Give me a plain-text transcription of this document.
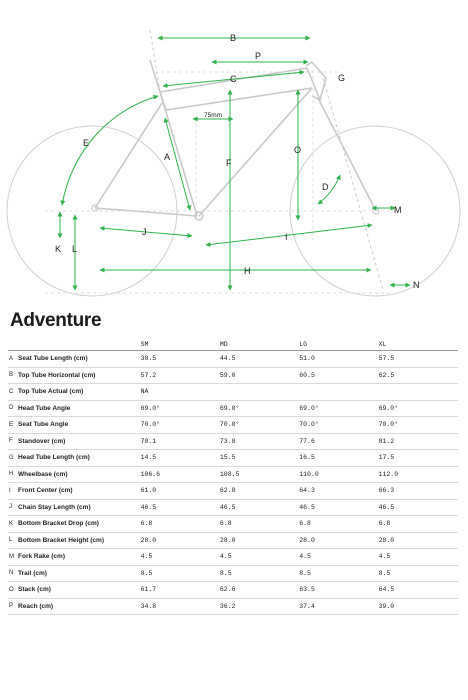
B
P
C	G
75mm
E
O
A
F
D
M
J	I
K L
H
N
Adventure
		SM	MD	LG	XL
A	Seat Tube Length (cm)	38.5	44.5	51.0	57.5
B	Top Tube Horizontal (cm)	57.2	59.0	60.5	62.5
C	Top Tube Actual (cm)	NA			
D	Head Tube Angle	69.0°	69.0°	69.0°	69.0°
E	Seat Tube Angle	70.0°	70.0°	70.0°	70.0°
F	Standover (cm)	70.1	73.8	77.6	81.2
G	Head Tube Length (cm)	14.5	15.5	16.5	17.5
H	Wheelbase (cm)	106.6	108.5	110.0	112.0
I	Front Center (cm)	61.0	62.8	64.3	66.3
J	Chain Stay Length (cm)	46.5	46.5	46.5	46.5
K	Bottom Bracket Drop (cm)	6.8	6.8	6.8	6.8
L	Bottom Bracket Height (cm)	28.0	28.0	28.0	28.0
M	Fork Rake (cm)	4.5	4.5	4.5	4.5
N	Trail (cm)	8.5	8.5	8.5	8.5
O	Stack (cm)	61.7	62.6	63.5	64.5
P	Reach (cm)	34.8	36.2	37.4	39.0
